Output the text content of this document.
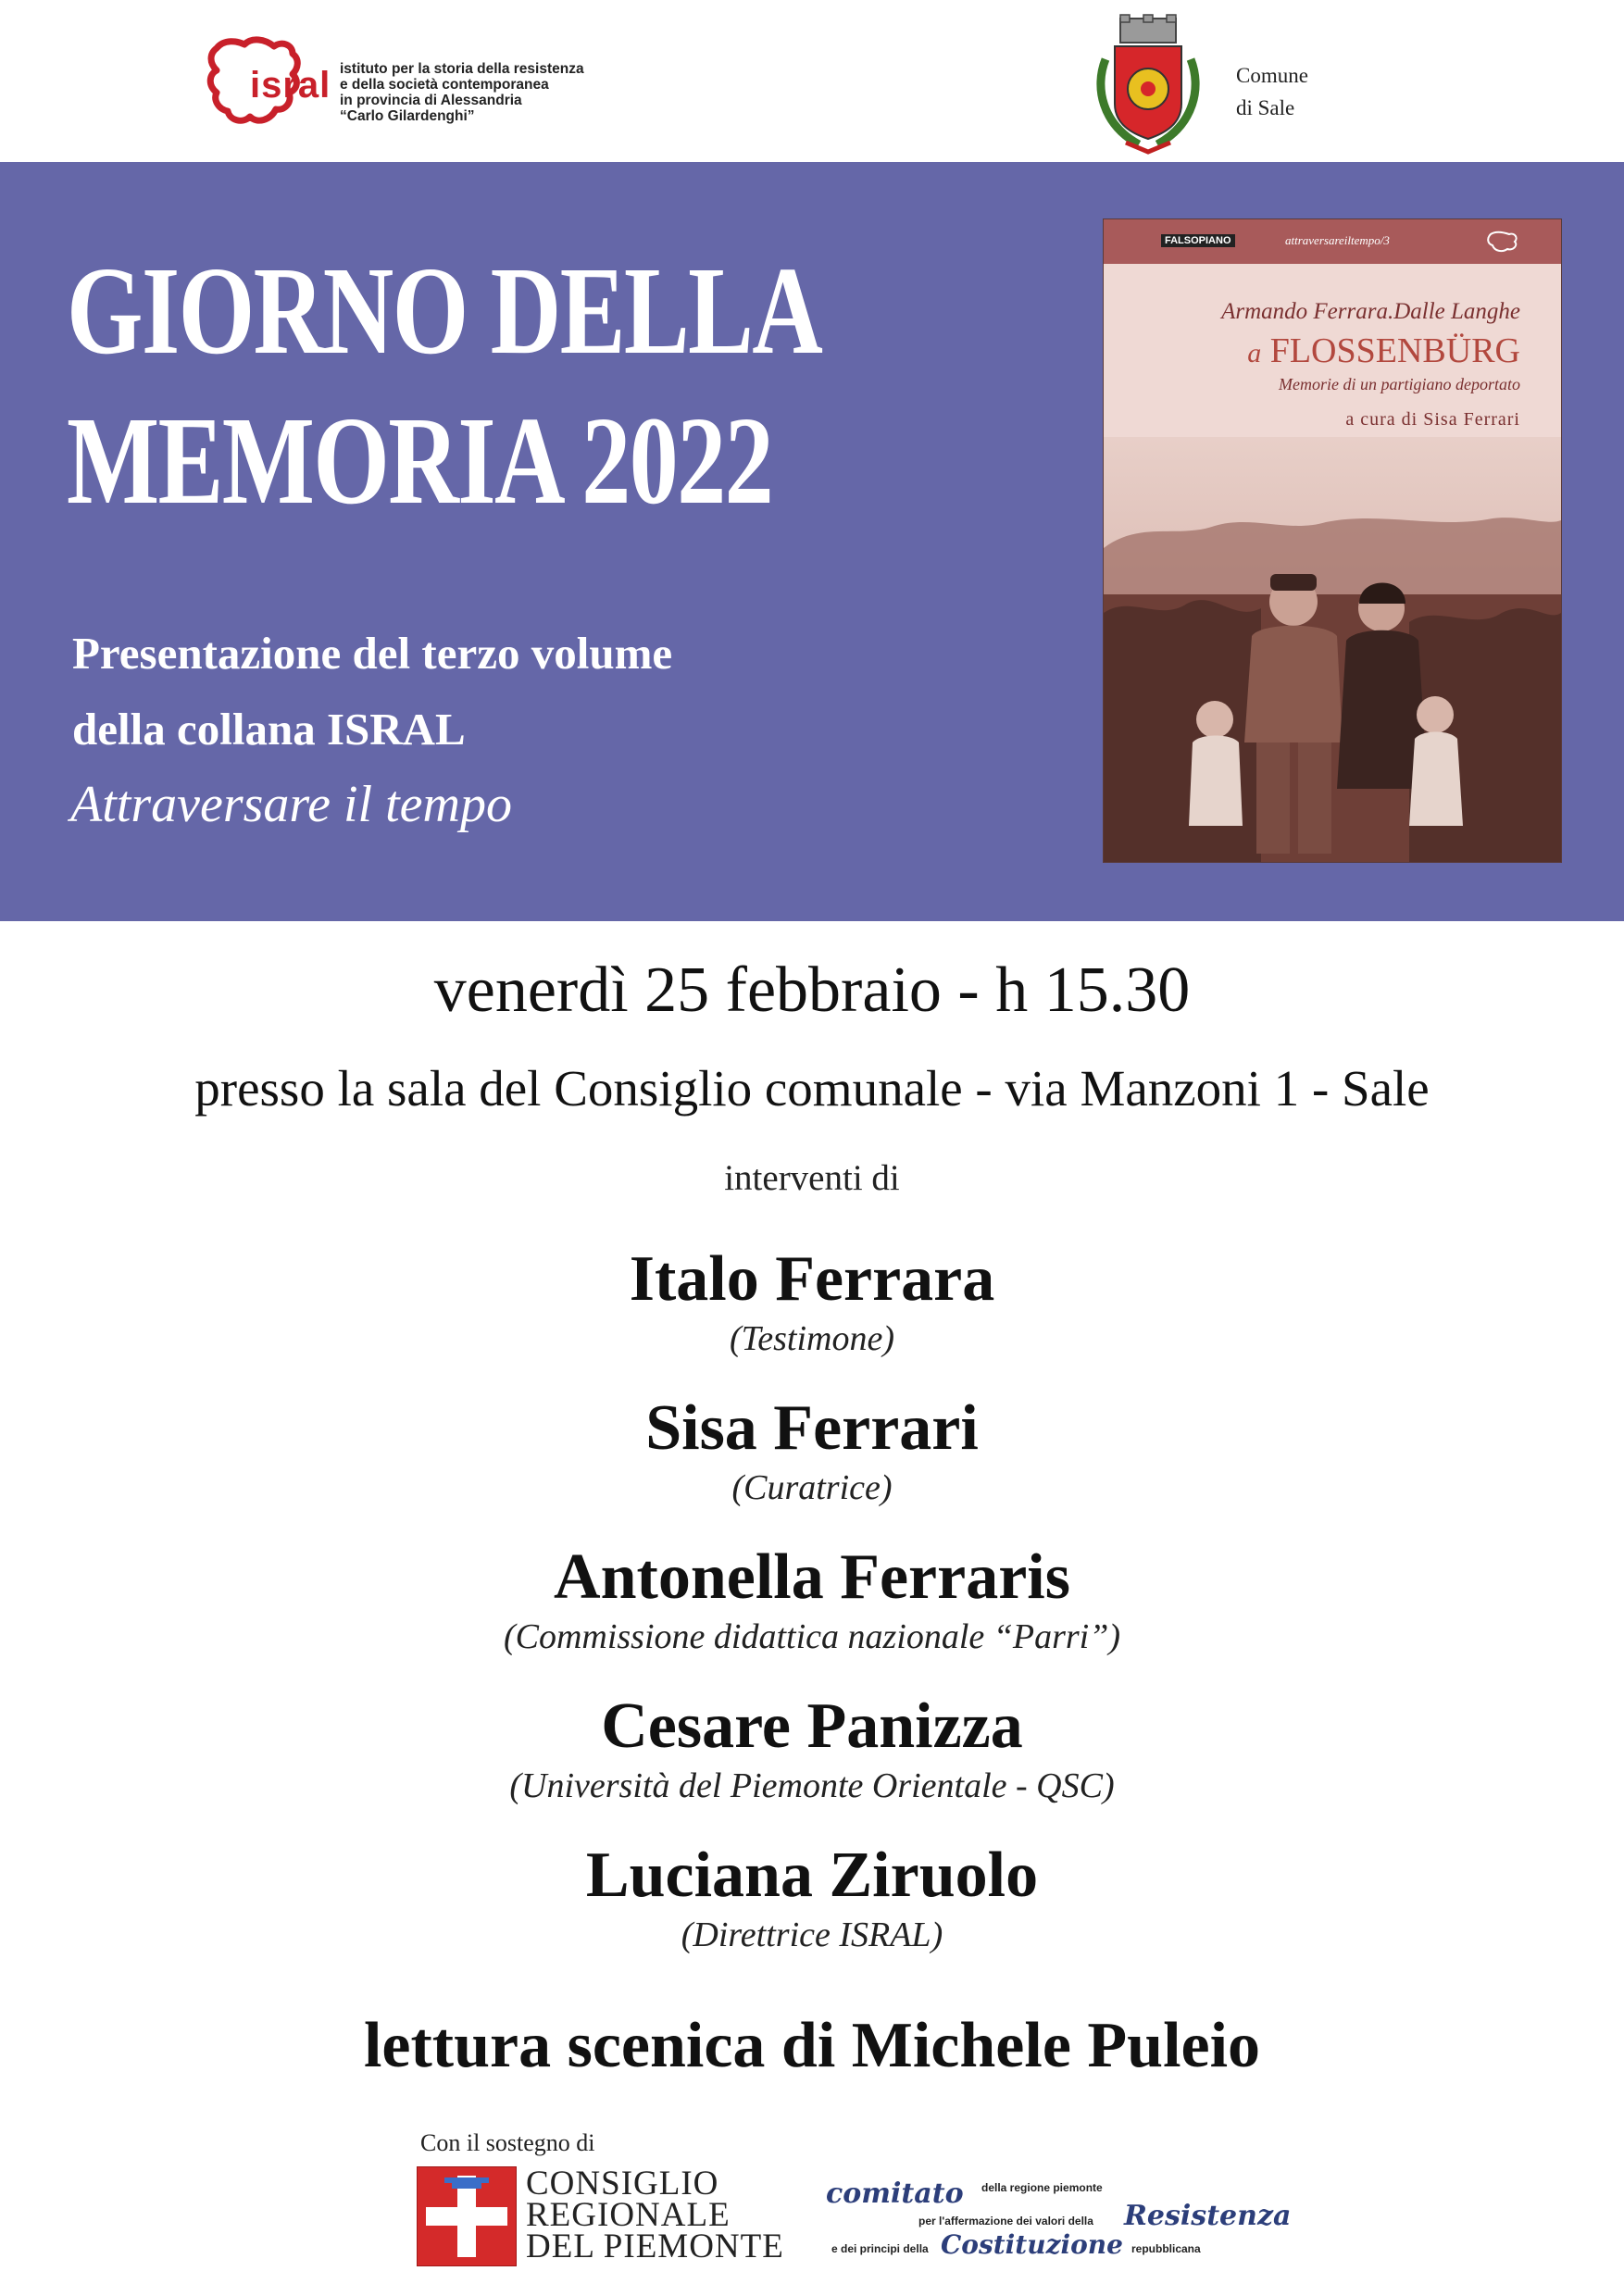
isral istituto per la storia della resistenza
e della società contemporanea
in provincia di Alessandria
“Carlo Gilardenghi”
Comune
di Sale
GIORNO DELLA
MEMORIA 2022
Presentazione del terzo volume
della collana ISRAL
Attraversare il tempo
FALSOPIANO	attraversareiltempo/3
Armando Ferrara.Dalle Langhe
a FLOSSENBÜRG
Memorie di un partigiano deportato
a cura di Sisa Ferrari
venerdì 25 febbraio - h 15.30
presso la sala del Consiglio comunale - via Manzoni 1 - Sale
interventi di
Italo Ferrara
(Testimone)
Sisa Ferrari
(Curatrice)
Antonella Ferraris
(Commissione didattica nazionale “Parri”)
Cesare Panizza
(Università del Piemonte Orientale - QSC)
Luciana Ziruolo
(Direttrice ISRAL)
lettura scenica di Michele Puleio
Con il sostegno di
CONSIGLIO
REGIONALE
DEL PIEMONTE
comitato della regione piemonte
per l'affermazione dei valori della Resistenza
e dei principi della Costituzione repubblicana
